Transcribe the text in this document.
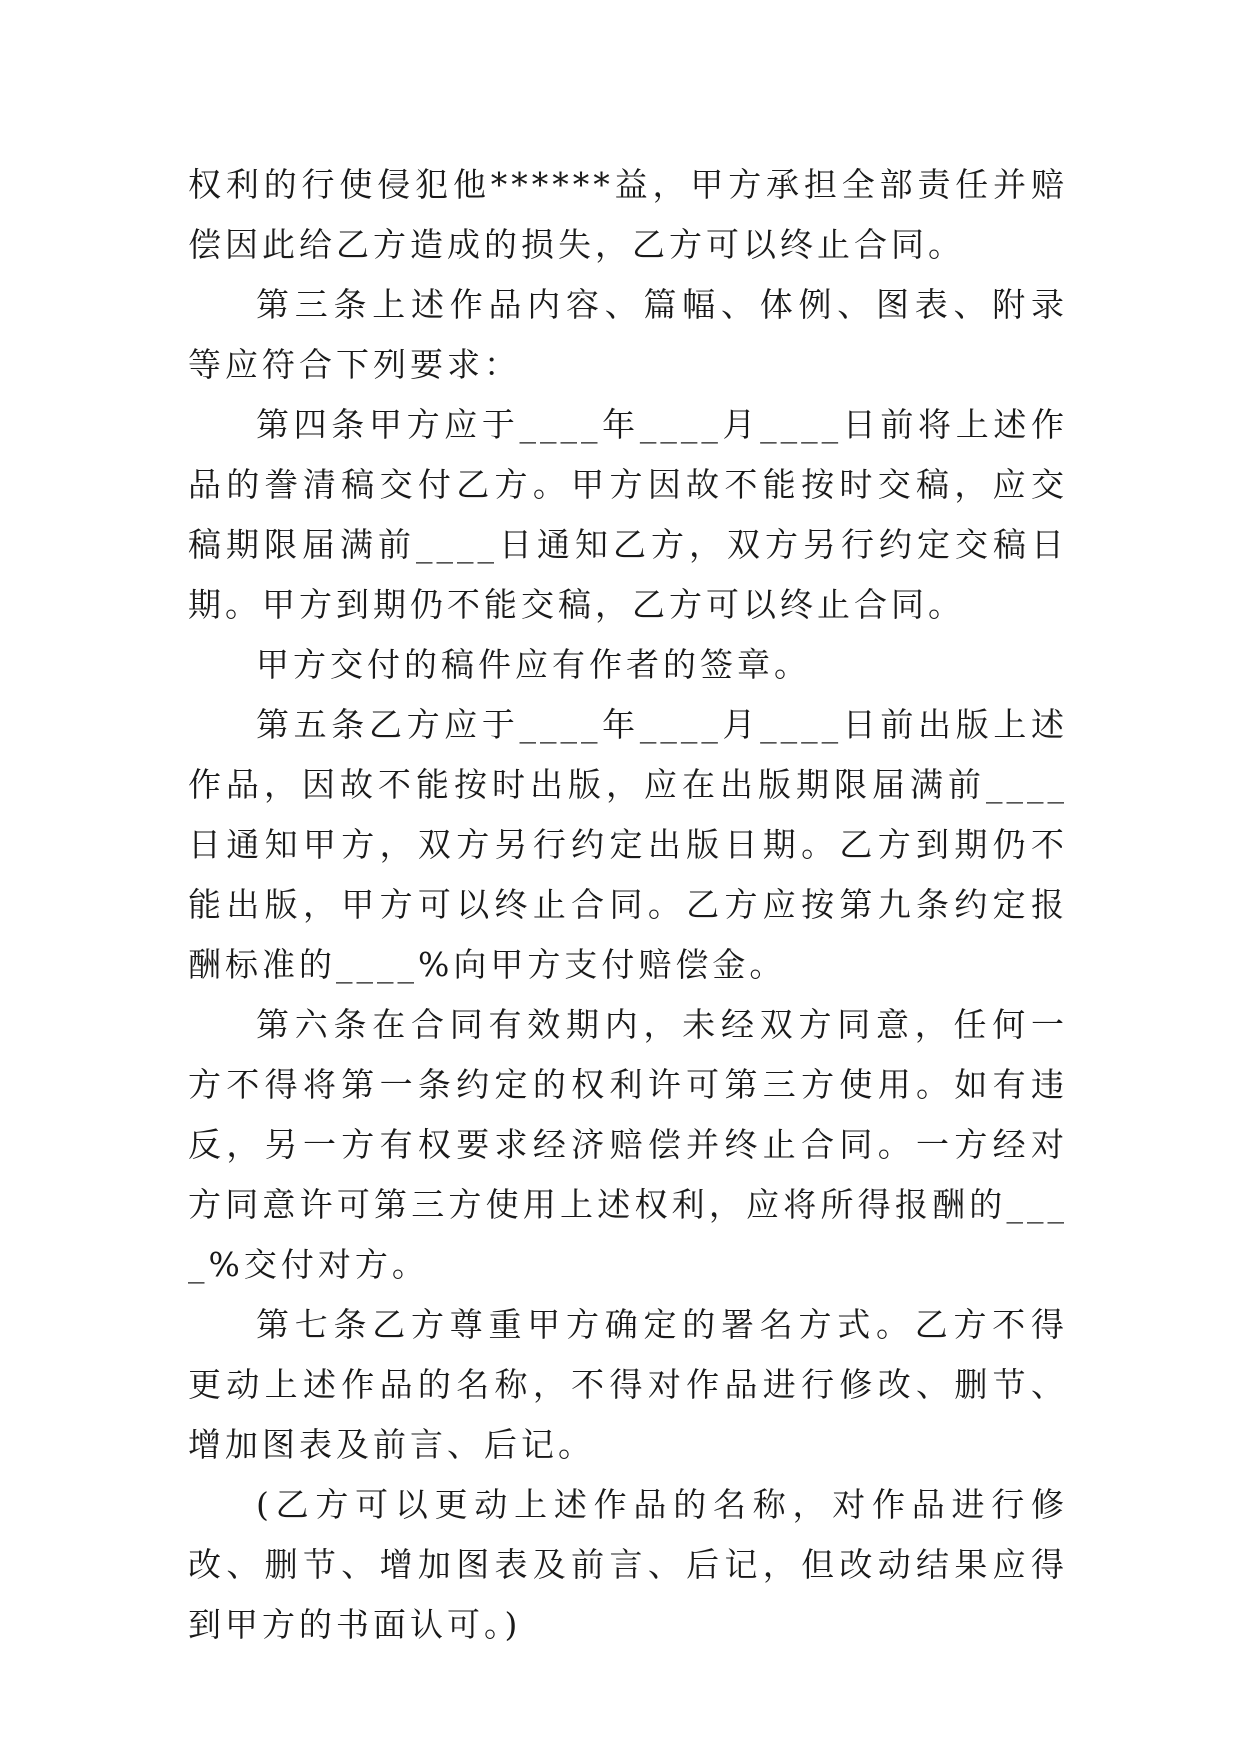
权利的行使侵犯他******益，甲方承担全部责任并赔偿因此给乙方造成的损失，乙方可以终止合同。

第三条上述作品内容、篇幅、体例、图表、附录等应符合下列要求：

第四条甲方应于____年____月____日前将上述作品的誊清稿交付乙方。甲方因故不能按时交稿，应交稿期限届满前____日通知乙方，双方另行约定交稿日期。甲方到期仍不能交稿，乙方可以终止合同。

甲方交付的稿件应有作者的签章。

第五条乙方应于____年____月____日前出版上述作品，因故不能按时出版，应在出版期限届满前____日通知甲方，双方另行约定出版日期。乙方到期仍不能出版，甲方可以终止合同。乙方应按第九条约定报酬标准的____%向甲方支付赔偿金。

第六条在合同有效期内，未经双方同意，任何一方不得将第一条约定的权利许可第三方使用。如有违反，另一方有权要求经济赔偿并终止合同。一方经对方同意许可第三方使用上述权利，应将所得报酬的____%交付对方。

第七条乙方尊重甲方确定的署名方式。乙方不得更动上述作品的名称，不得对作品进行修改、删节、增加图表及前言、后记。

(乙方可以更动上述作品的名称，对作品进行修改、删节、增加图表及前言、后记，但改动结果应得到甲方的书面认可。)
